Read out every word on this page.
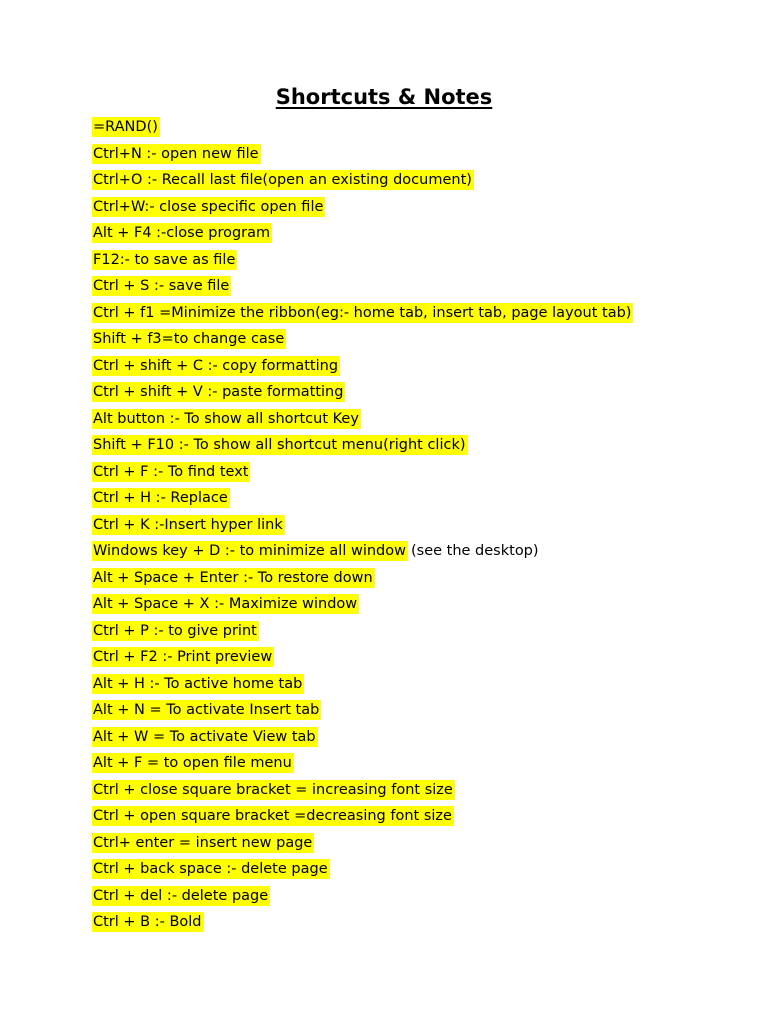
Shortcuts & Notes
=RAND()
Ctrl+N :- open new file
Ctrl+O :- Recall last file(open an existing document)
Ctrl+W:- close specific open file
Alt + F4 :-close program
F12:- to save as file
Ctrl + S :- save file
Ctrl + f1 =Minimize the ribbon(eg:- home tab, insert tab, page layout tab)
Shift + f3=to change case
Ctrl + shift + C :- copy formatting
Ctrl + shift + V :- paste formatting
Alt button :- To show all shortcut Key
Shift + F10 :- To show all shortcut menu(right click)
Ctrl + F :- To find text
Ctrl + H :- Replace
Ctrl + K :-Insert hyper link
Windows key + D :- to minimize all window (see the desktop)
Alt + Space + Enter :- To restore down
Alt + Space + X :- Maximize window
Ctrl + P :- to give print
Ctrl + F2 :- Print preview
Alt + H :- To active home tab
Alt + N = To activate Insert tab
Alt + W = To activate View tab
Alt + F = to open file menu
Ctrl + close square bracket = increasing font size
Ctrl + open square bracket =decreasing font size
Ctrl+ enter = insert new page
Ctrl + back space :- delete page
Ctrl + del :- delete page
Ctrl + B :- Bold
